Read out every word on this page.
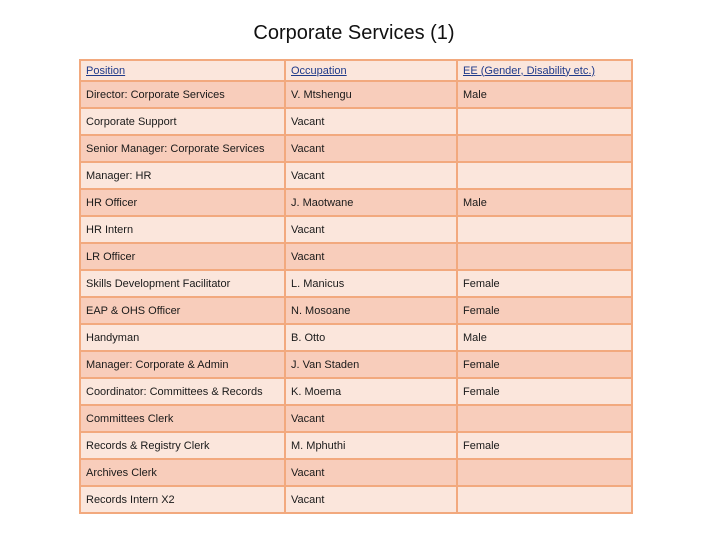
Corporate Services (1)
Position	Occupation	EE (Gender, Disability etc.)
Director: Corporate Services	V. Mtshengu	Male
Corporate Support	Vacant	
Senior Manager: Corporate Services	Vacant	
Manager: HR	Vacant	
HR Officer	J. Maotwane	Male
HR Intern	Vacant	
LR Officer	Vacant	
Skills Development Facilitator	L. Manicus	Female
EAP & OHS Officer	N. Mosoane	Female
Handyman	B. Otto	Male
Manager: Corporate & Admin	J. Van Staden	Female
Coordinator: Committees & Records	K. Moema	Female
Committees Clerk	Vacant	
Records & Registry Clerk	M. Mphuthi	Female
Archives Clerk	Vacant	
Records Intern X2	Vacant	
